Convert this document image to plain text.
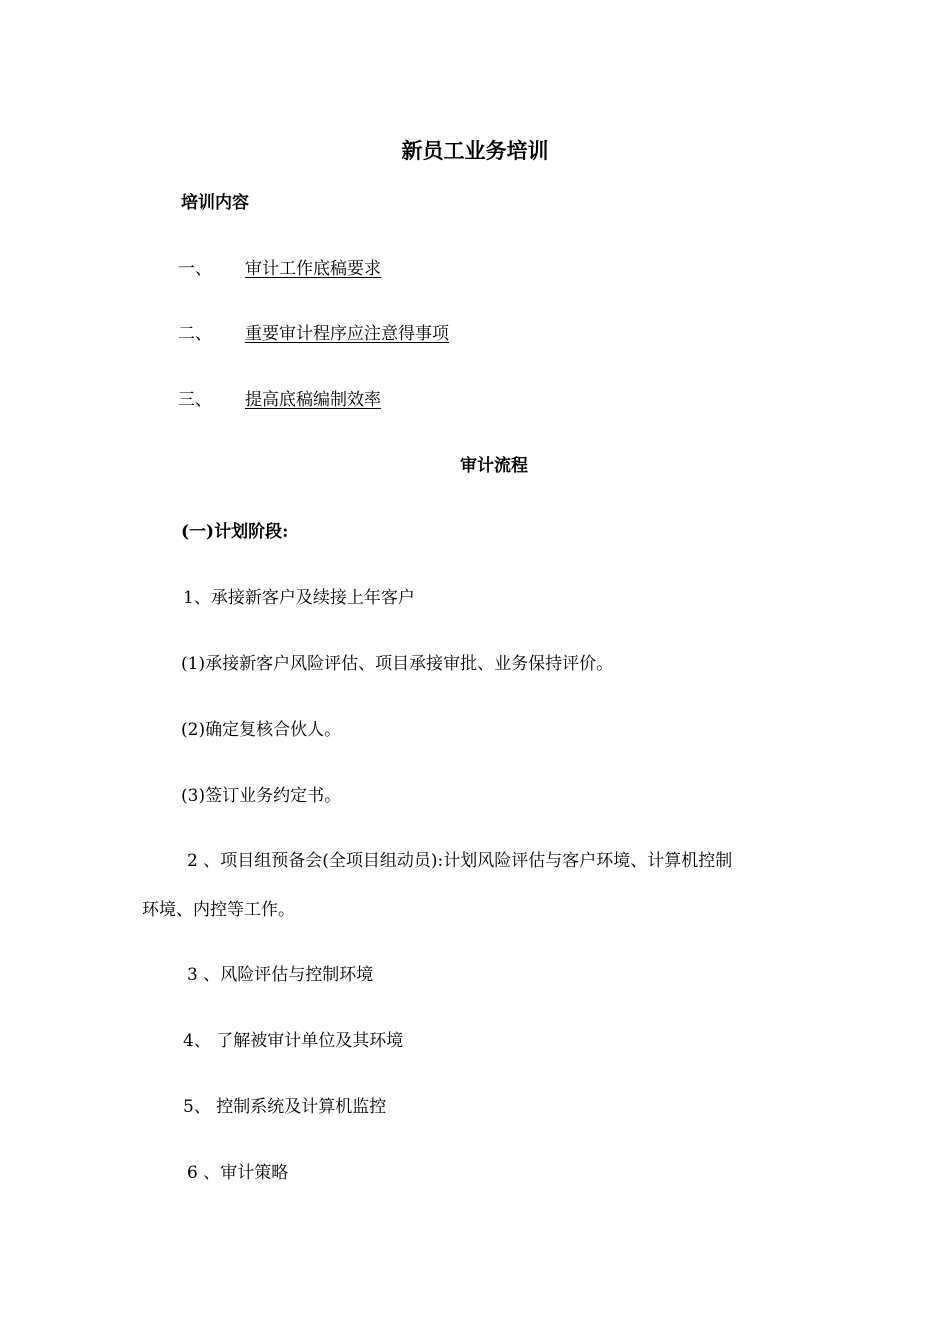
新员工业务培训
培训内容
一、 审计工作底稿要求
二、 重要审计程序应注意得事项
三、 提高底稿编制效率
审计流程
(一)计划阶段:
1、承接新客户及续接上年客户
(1)承接新客户风险评估、项目承接审批、业务保持评价。
(2)确定复核合伙人。
(3)签订业务约定书。
2 、项目组预备会(全项目组动员):计划风险评估与客户环境、计算机控制
环境、内控等工作。
3 、风险评估与控制环境
4、 了解被审计单位及其环境
5、 控制系统及计算机监控
6 、审计策略
